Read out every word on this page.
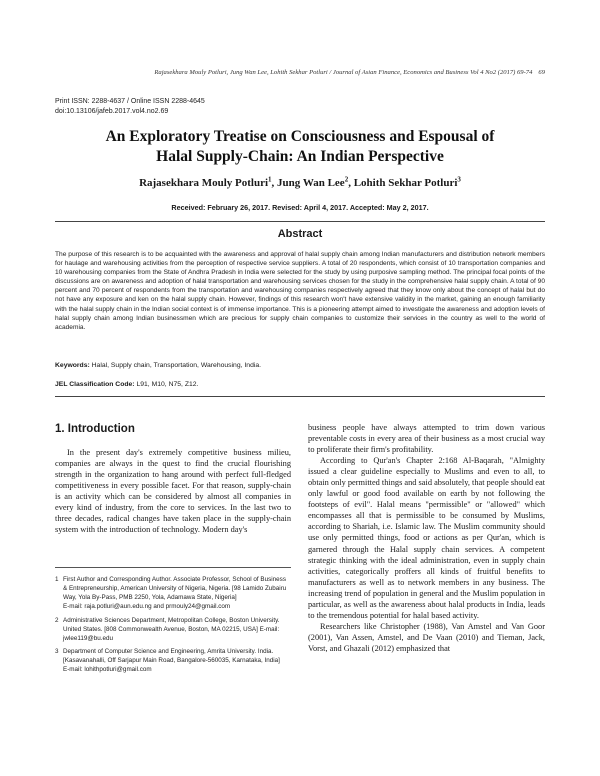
Rajasekhara Mouly Potluri, Jung Wan Lee, Lohith Sekhar Potluri / Journal of Asian Finance, Economics and Business Vol 4 No2 (2017) 69-74 69
Print ISSN: 2288-4637 / Online ISSN 2288-4645
doi:10.13106/jafeb.2017.vol4.no2.69
An Exploratory Treatise on Consciousness and Espousal of
Halal Supply-Chain: An Indian Perspective
Rajasekhara Mouly Potluri$^1$, Jung Wan Lee$^2$, Lohith Sekhar Potluri$^3$
Received: February 26, 2017. Revised: April 4, 2017. Accepted: May 2, 2017.
Abstract
The purpose of this research is to be acquainted with the awareness and approval of halal supply chain among Indian manufacturers and distribution network members for haulage and warehousing activities from the perception of respective service suppliers. A total of 20 respondents, which consist of 10 transportation companies and 10 warehousing companies from the State of Andhra Pradesh in India were selected for the study by using purposive sampling method. The principal focal points of the discussions are on awareness and adoption of halal transportation and warehousing services chosen for the study in the comprehensive halal supply chain. A total of 90 percent and 70 percent of respondents from the transportation and warehousing companies respectively agreed that they know only about the concept of halal but do not have any exposure and ken on the halal supply chain. However, findings of this research won't have extensive validity in the market, gaining an enough familiarity with the halal supply chain in the Indian social context is of immense importance. This is a pioneering attempt aimed to investigate the awareness and adoption levels of halal supply chain among Indian businessmen which are precious for supply chain companies to customize their services in the country as well to the world of academia.
Keywords: Halal, Supply chain, Transportation, Warehousing, India.
JEL Classification Code: L91, M10, N75, Z12.
1. Introduction

In the present day's extremely competitive business milieu, companies are always in the quest to find the crucial flourishing strength in the organization to hang around with perfect full-fledged competitiveness in every possible facet. For that reason, supply-chain is an activity which can be considered by almost all companies in every kind of industry, from the core to services. In the last two to three decades, radical changes have taken place in the supply-chain system with the introduction of technology. Modern day's

1 First Author and Corresponding Author. Associate Professor, School of Business & Entrepreneurship, American University of Nigeria, Nigeria. [98 Lamido Zubairu Way, Yola By-Pass, PMB 2250, Yola, Adamawa State, Nigeria]
E-mail: raja.potluri@aun.edu.ng and prmouly24@gmail.com
2 Administrative Sciences Department, Metropolitan College, Boston University. United States. [808 Commonwealth Avenue, Boston, MA 02215, USA] E-mail: jwlee119@bu.edu
3 Department of Computer Science and Engineering, Amrita University. India. [Kasavanahalli, Off Sarjapur Main Road, Bangalore-560035, Karnataka, India]
E-mail: lohithpotluri@gmail.com

business people have always attempted to trim down various preventable costs in every area of their business as a most crucial way to proliferate their firm's profitability.

According to Qur'an's Chapter 2:168 Al-Baqarah, "Almighty issued a clear guideline especially to Muslims and even to all, to obtain only permitted things and said absolutely, that people should eat only lawful or good food available on earth by not following the footsteps of evil". Halal means "permissible" or "allowed" which encompasses all that is permissible to be consumed by Muslims, according to Shariah, i.e. Islamic law. The Muslim community should use only permitted things, food or actions as per Qur'an, which is garnered through the Halal supply chain services. A competent strategic thinking with the ideal administration, even in supply chain activities, categorically proffers all kinds of fruitful benefits to manufacturers as well as to network members in any business. The increasing trend of population in general and the Muslim population in particular, as well as the awareness about halal products in India, leads to the tremendous potential for halal based activity.

Researchers like Christopher (1988), Van Amstel and Van Goor (2001), Van Assen, Amstel, and De Vaan (2010) and Tieman, Jack, Vorst, and Ghazali (2012) emphasized that
